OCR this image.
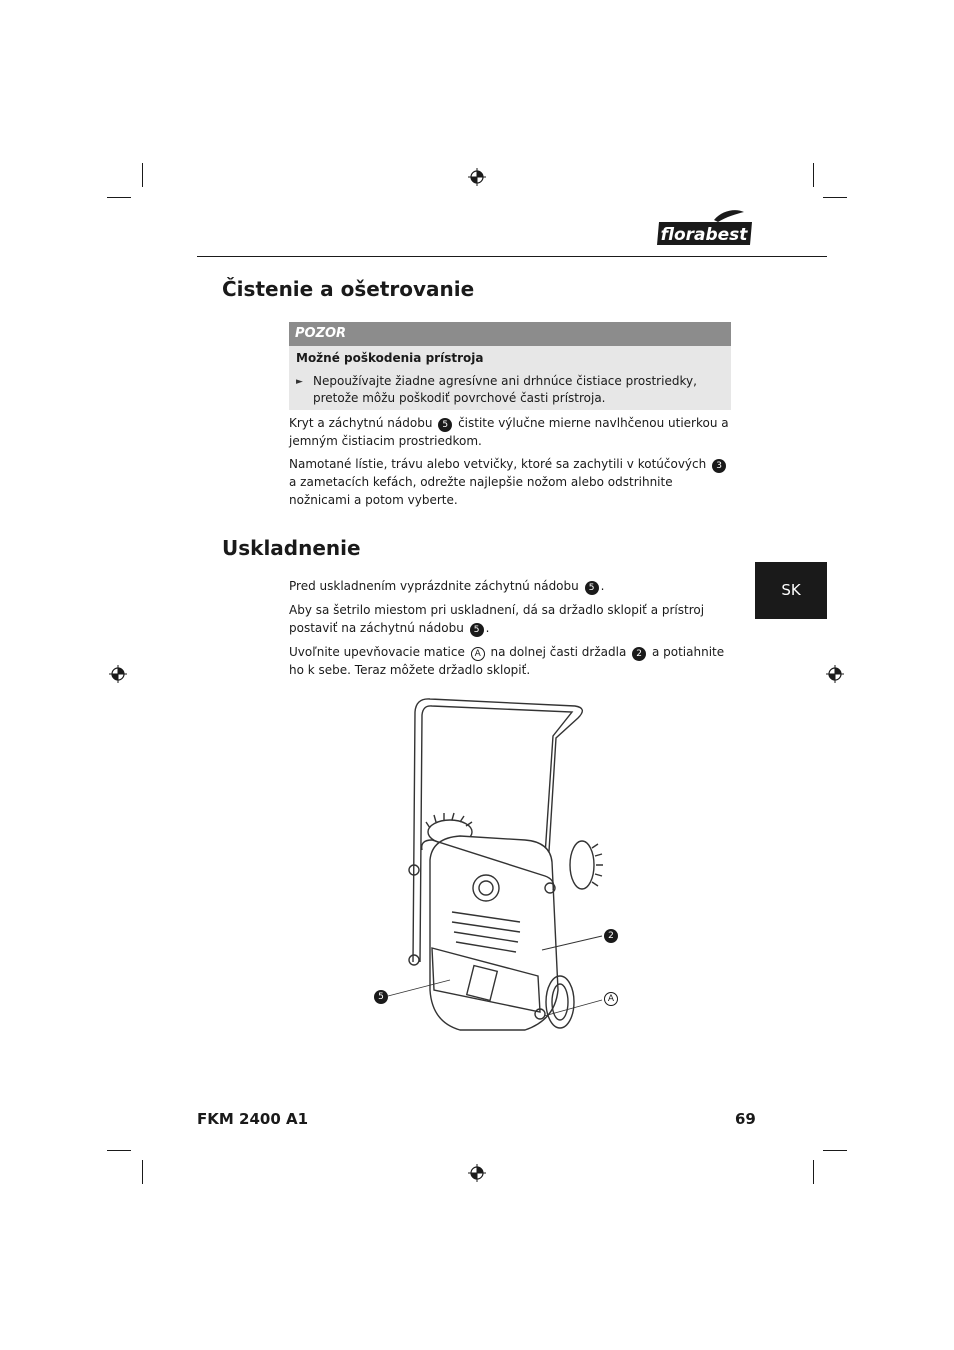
florabest
Čistenie a ošetrovanie
POZOR
Možné poškodenia prístroja
► Nepoužívajte žiadne agresívne ani drhnúce čistiace prostriedky, pretože môžu poškodiť povrchové časti prístroja.
Kryt a záchytnú nádobu 5 čistite výlučne mierne navlhčenou utierkou a jemným čistiacim prostriedkom.
Namotané lístie, trávu alebo vetvičky, ktoré sa zachytili v kotúčových 3 a zametacích kefách, odrežte najlepšie nožom alebo odstrihnite nožnicami a potom vyberte.
Uskladnenie
Pred uskladnením vyprázdnite záchytnú nádobu 5 .
Aby sa šetrilo miestom pri uskladnení, dá sa držadlo sklopiť a prístroj postaviť na záchytnú nádobu 5 .
Uvoľnite upevňovacie matice A na dolnej časti držadla 2 a potiahnite ho k sebe. Teraz môžete držadlo sklopiť.
SK
2
5	A
FKM 2400 A1	69
